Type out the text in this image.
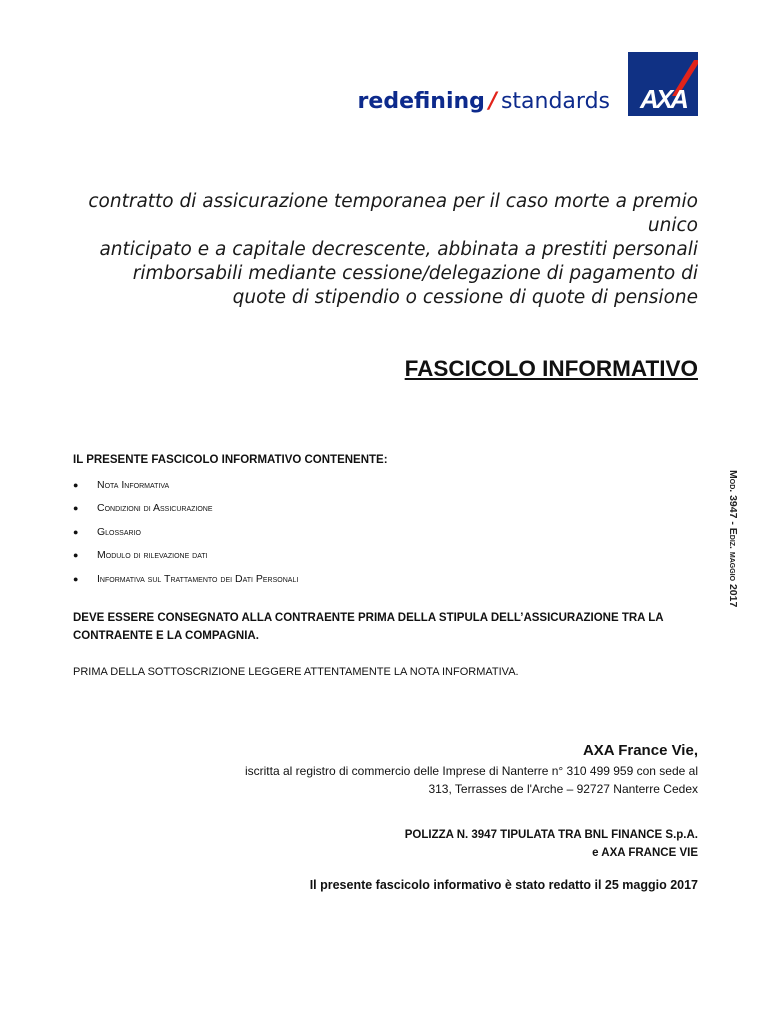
redefining / standards AXA
contratto di assicurazione temporanea per il caso morte a premio unico
anticipato e a capitale decrescente, abbinata a prestiti personali
rimborsabili mediante cessione/delegazione di pagamento di
quote di stipendio o cessione di quote di pensione
FASCICOLO INFORMATIVO
IL PRESENTE FASCICOLO INFORMATIVO CONTENENTE:
●	Nota Informativa
●	Condizioni di Assicurazione
●	Glossario
●	Modulo di rilevazione dati
●	Informativa sul Trattamento dei Dati Personali	Mod. 3947 - Ediz. maggio 2017
DEVE ESSERE CONSEGNATO ALLA CONTRAENTE PRIMA DELLA STIPULA DELL’ASSICURAZIONE TRA LA CONTRAENTE E LA COMPAGNIA.
PRIMA DELLA SOTTOSCRIZIONE LEGGERE ATTENTAMENTE LA NOTA INFORMATIVA.
AXA France Vie,
iscritta al registro di commercio delle Imprese di Nanterre n° 310 499 959 con sede al
313, Terrasses de l'Arche – 92727 Nanterre Cedex
POLIZZA N. 3947 TIPULATA TRA BNL FINANCE S.p.A.
e AXA FRANCE VIE
Il presente fascicolo informativo è stato redatto il 25 maggio 2017
